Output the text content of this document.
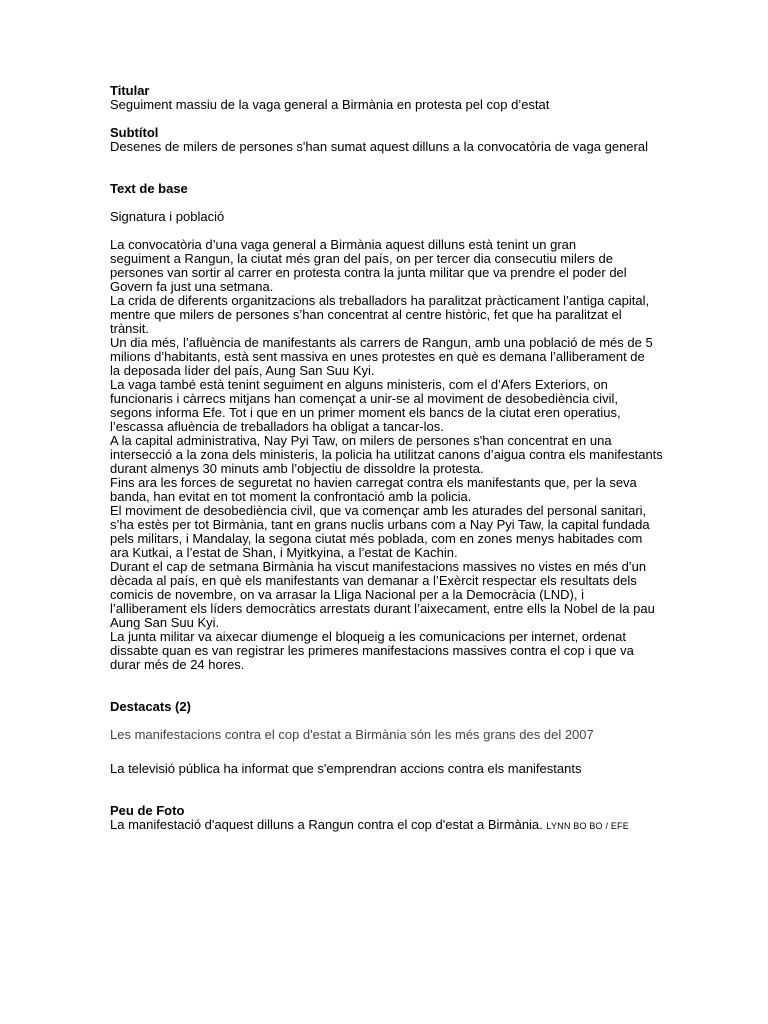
Titular
Seguiment massiu de la vaga general a Birmània en protesta pel cop d’estat
Subtítol
Desenes de milers de persones s'han sumat aquest dilluns a la convocatòria de vaga general
Text de base
Signatura i població
La convocatòria d’una vaga general a Birmània aquest dilluns està tenint un gran
seguiment a Rangun, la ciutat més gran del país, on per tercer dia consecutiu milers de
persones van sortir al carrer en protesta contra la junta militar que va prendre el poder del
Govern fa just una setmana.
La crida de diferents organitzacions als treballadors ha paralitzat pràcticament l’antiga capital,
mentre que milers de persones s’han concentrat al centre històric, fet que ha paralitzat el
trànsit.
Un dia més, l’afluència de manifestants als carrers de Rangun, amb una població de més de 5
milions d’habitants, està sent massiva en unes protestes en què es demana l’alliberament de
la deposada líder del país, Aung San Suu Kyi.
La vaga també està tenint seguiment en alguns ministeris, com el d’Afers Exteriors, on
funcionaris i càrrecs mitjans han començat a unir-se al moviment de desobediència civil,
segons informa Efe. Tot i que en un primer moment els bancs de la ciutat eren operatius,
l’escassa afluència de treballadors ha obligat a tancar-los.
A la capital administrativa, Nay Pyi Taw, on milers de persones s'han concentrat en una
intersecció a la zona dels ministeris, la policia ha utilitzat canons d’aigua contra els manifestants
durant almenys 30 minuts amb l’objectiu de dissoldre la protesta.
Fins ara les forces de seguretat no havien carregat contra els manifestants que, per la seva
banda, han evitat en tot moment la confrontació amb la policia.
El moviment de desobediència civil, que va començar amb les aturades del personal sanitari,
s’ha estès per tot Birmània, tant en grans nuclis urbans com a Nay Pyi Taw, la capital fundada
pels militars, i Mandalay, la segona ciutat més poblada, com en zones menys habitades com
ara Kutkai, a l’estat de Shan, i Myitkyina, a l’estat de Kachin.
Durant el cap de setmana Birmània ha viscut manifestacions massives no vistes en més d’un
dècada al país, en què els manifestants van demanar a l’Exèrcit respectar els resultats dels
comicis de novembre, on va arrasar la Lliga Nacional per a la Democràcia (LND), i
l’alliberament els líders democràtics arrestats durant l’aixecament, entre ells la Nobel de la pau
Aung San Suu Kyi.
La junta militar va aixecar diumenge el bloqueig a les comunicacions per internet, ordenat
dissabte quan es van registrar les primeres manifestacions massives contra el cop i que va
durar més de 24 hores.
Destacats (2)
Les manifestacions contra el cop d'estat a Birmània són les més grans des del 2007
La televisió pública ha informat que s'emprendran accions contra els manifestants
Peu de Foto
La manifestació d'aquest dilluns a Rangun contra el cop d'estat a Birmània. LYNN BO BO / EFE
